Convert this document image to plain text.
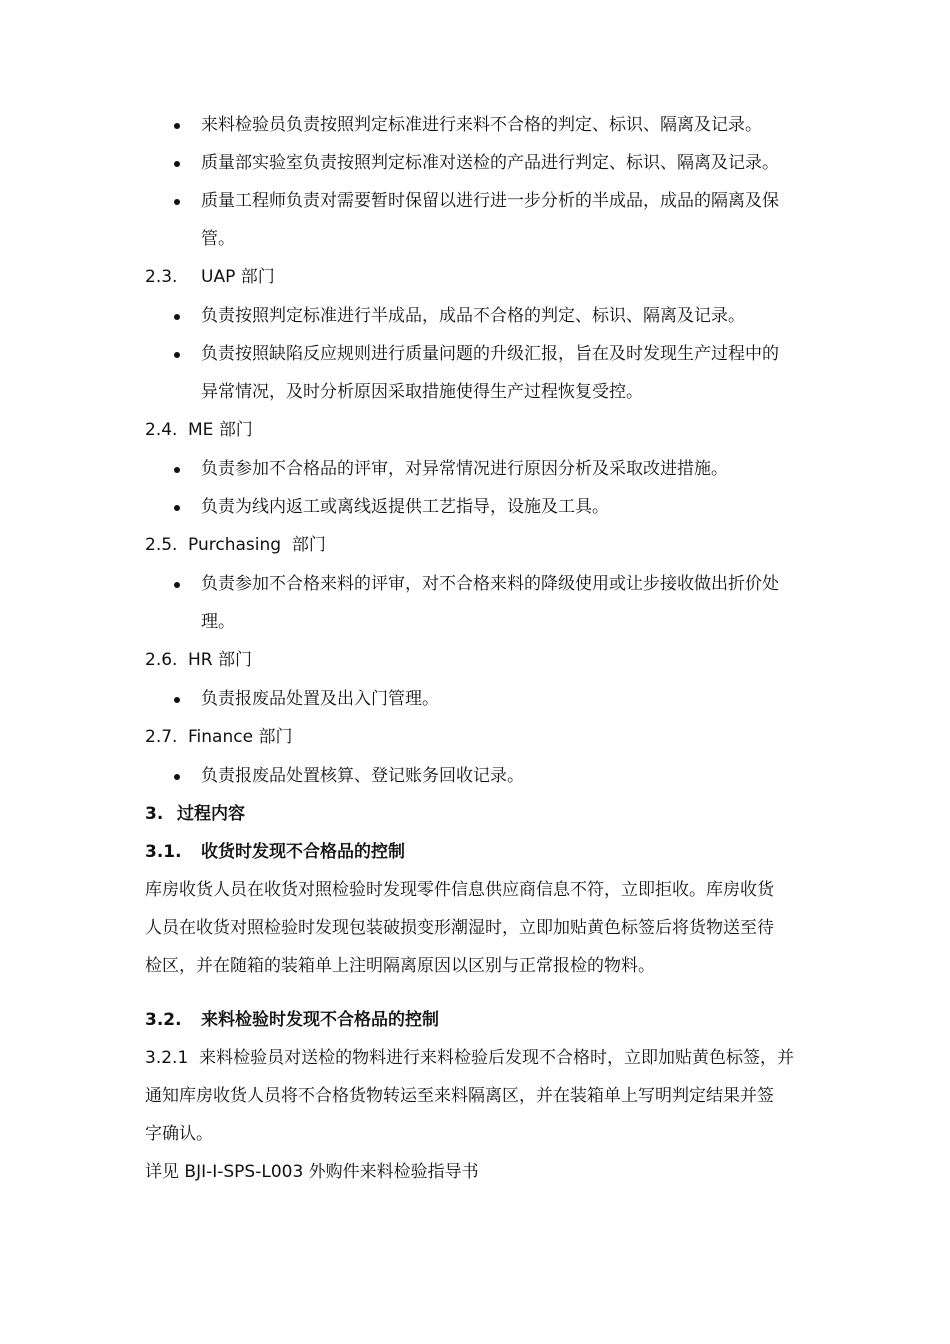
来料检验员负责按照判定标准进行来料不合格的判定、标识、隔离及记录。
质量部实验室负责按照判定标准对送检的产品进行判定、标识、隔离及记录。
质量工程师负责对需要暂时保留以进行进一步分析的半成品，成品的隔离及保
管。
2.3. UAP 部门
负责按照判定标准进行半成品，成品不合格的判定、标识、隔离及记录。
负责按照缺陷反应规则进行质量问题的升级汇报，旨在及时发现生产过程中的
异常情况，及时分析原因采取措施使得生产过程恢复受控。
2.4. ME 部门
负责参加不合格品的评审，对异常情况进行原因分析及采取改进措施。
负责为线内返工或离线返提供工艺指导，设施及工具。
2.5. Purchasing  部门
负责参加不合格来料的评审，对不合格来料的降级使用或让步接收做出折价处
理。
2.6. HR 部门
负责报废品处置及出入门管理。
2.7. Finance 部门
负责报废品处置核算、登记账务回收记录。
3. 过程内容
3.1. 收货时发现不合格品的控制
库房收货人员在收货对照检验时发现零件信息供应商信息不符，立即拒收。库房收货
人员在收货对照检验时发现包装破损变形潮湿时，立即加贴黄色标签后将货物送至待
检区，并在随箱的装箱单上注明隔离原因以区别与正常报检的物料。
3.2. 来料检验时发现不合格品的控制
3.2.1  来料检验员对送检的物料进行来料检验后发现不合格时，立即加贴黄色标签，并
通知库房收货人员将不合格货物转运至来料隔离区，并在装箱单上写明判定结果并签
字确认。
详见 BJI-I-SPS-L003 外购件来料检验指导书
